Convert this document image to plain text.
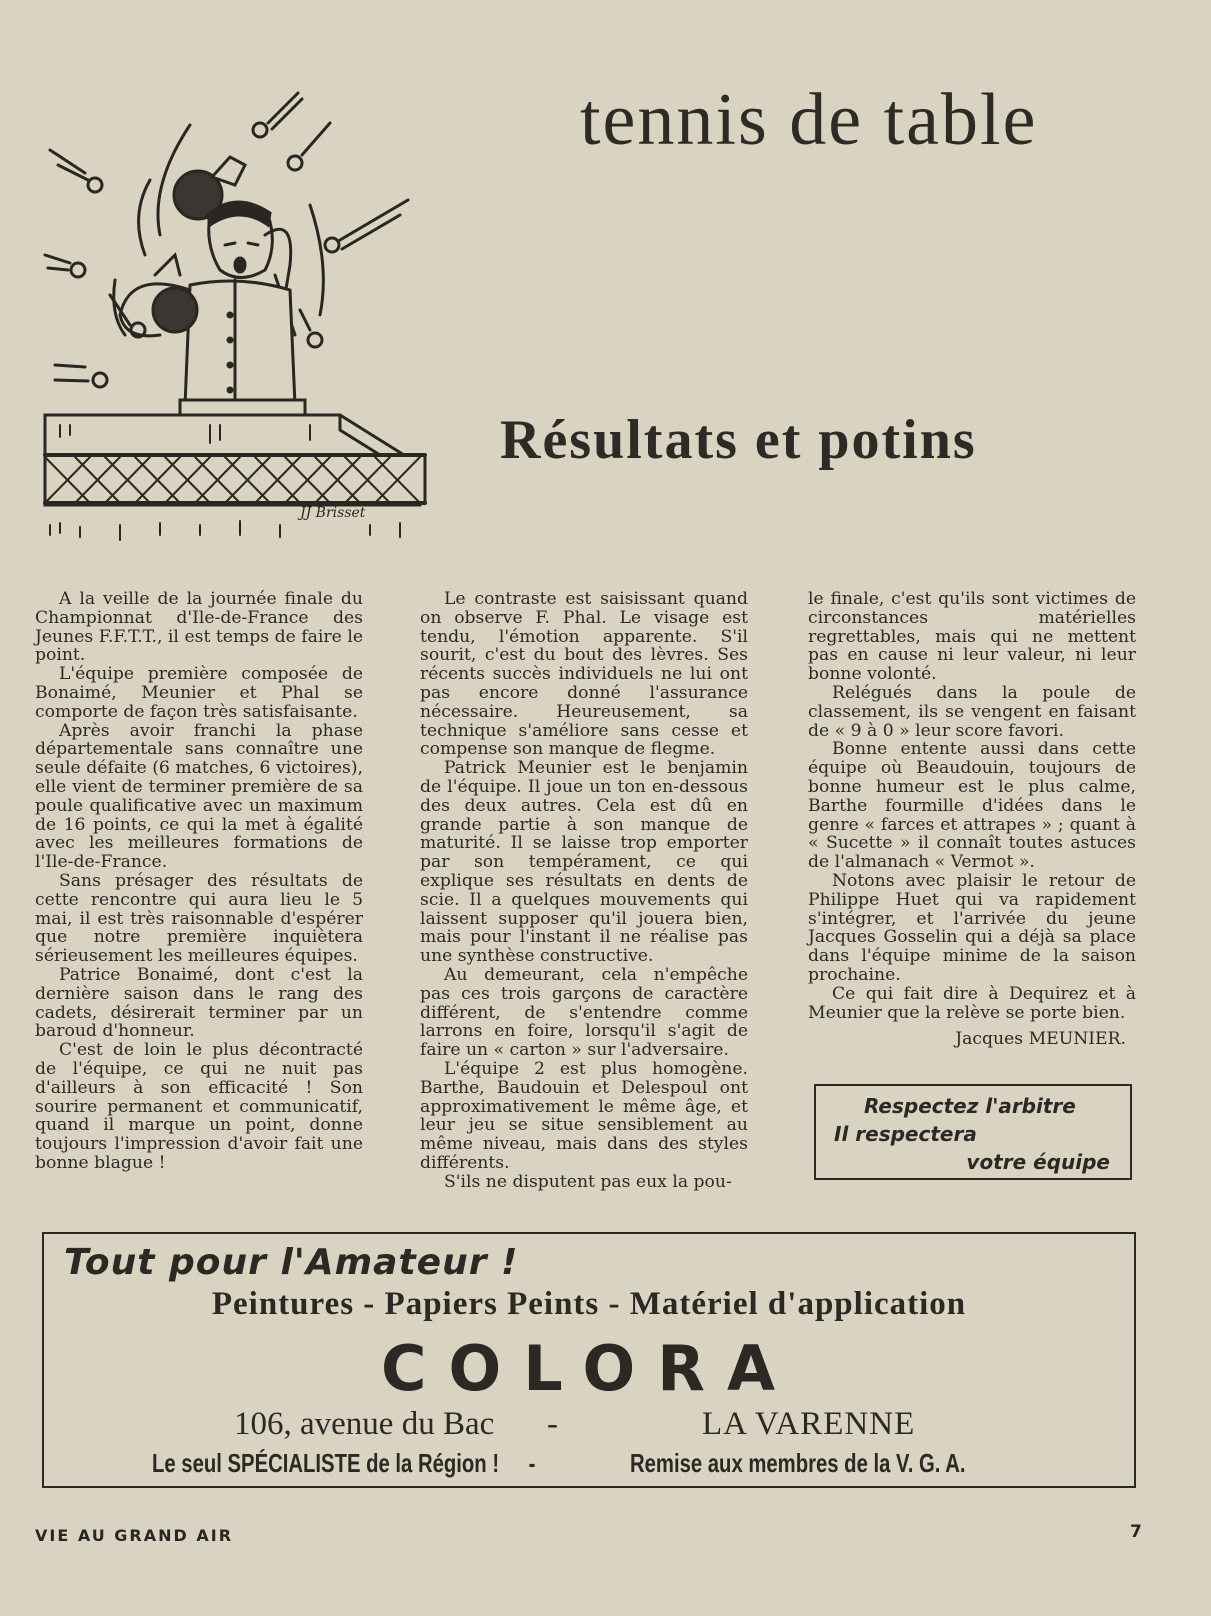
JJ Brisset
tennis de table
Résultats et potins

A la veille de la journée finale du Championnat d'Ile-de-France des Jeunes F.F.T.T., il est temps de faire le point.

L'équipe première composée de Bonaimé, Meunier et Phal se comporte de façon très satisfaisante.

Après avoir franchi la phase départementale sans connaître une seule défaite (6 matches, 6 victoires), elle vient de terminer première de sa poule qualificative avec un maximum de 16 points, ce qui la met à égalité avec les meilleures formations de l'Ile-de-France.

Sans présager des résultats de cette rencontre qui aura lieu le 5 mai, il est très raisonnable d'espérer que notre première inquiètera sérieusement les meilleures équipes.

Patrice Bonaimé, dont c'est la dernière saison dans le rang des cadets, désirerait terminer par un baroud d'honneur.

C'est de loin le plus décontracté de l'équipe, ce qui ne nuit pas d'ailleurs à son efficacité ! Son sourire permanent et communicatif, quand il marque un point, donne toujours l'impression d'avoir fait une bonne blague !

Le contraste est saisissant quand on observe F. Phal. Le visage est tendu, l'émotion apparente. S'il sourit, c'est du bout des lèvres. Ses récents succès individuels ne lui ont pas encore donné l'assurance nécessaire. Heureusement, sa technique s'améliore sans cesse et compense son manque de flegme.

Patrick Meunier est le benjamin de l'équipe. Il joue un ton en-dessous des deux autres. Cela est dû en grande partie à son manque de maturité. Il se laisse trop emporter par son tempérament, ce qui explique ses résultats en dents de scie. Il a quelques mouvements qui laissent supposer qu'il jouera bien, mais pour l'instant il ne réalise pas une synthèse constructive.

Au demeurant, cela n'empêche pas ces trois garçons de caractère différent, de s'entendre comme larrons en foire, lorsqu'il s'agit de faire un « carton » sur l'adversaire.

L'équipe 2 est plus homogène. Barthe, Baudouin et Delespoul ont approximativement le même âge, et leur jeu se situe sensiblement au même niveau, mais dans des styles différents.

S'ils ne disputent pas eux la pou-

le finale, c'est qu'ils sont victimes de circonstances matérielles regrettables, mais qui ne mettent pas en cause ni leur valeur, ni leur bonne volonté.

Relégués dans la poule de classement, ils se vengent en faisant de « 9 à 0 » leur score favori.

Bonne entente aussi dans cette équipe où Beaudouin, toujours de bonne humeur est le plus calme, Barthe fourmille d'idées dans le genre « farces et attrapes » ; quant à « Sucette » il connaît toutes astuces de l'almanach « Vermot ».

Notons avec plaisir le retour de Philippe Huet qui va rapidement s'intégrer, et l'arrivée du jeune Jacques Gosselin qui a déjà sa place dans l'équipe minime de la saison prochaine.

Ce qui fait dire à Dequirez et à Meunier que la relève se porte bien.

Jacques MEUNIER.

Respectez l'arbitre
Il respectera
votre équipe
Tout pour l'Amateur !
Peintures - Papiers Peints - Matériel d'application
COLORA
106, avenue du Bac -	LA VARENNE
Le seul SPÉCIALISTE de la Région ! -	Remise aux membres de la V. G. A.
VIE AU GRAND AIR	7
